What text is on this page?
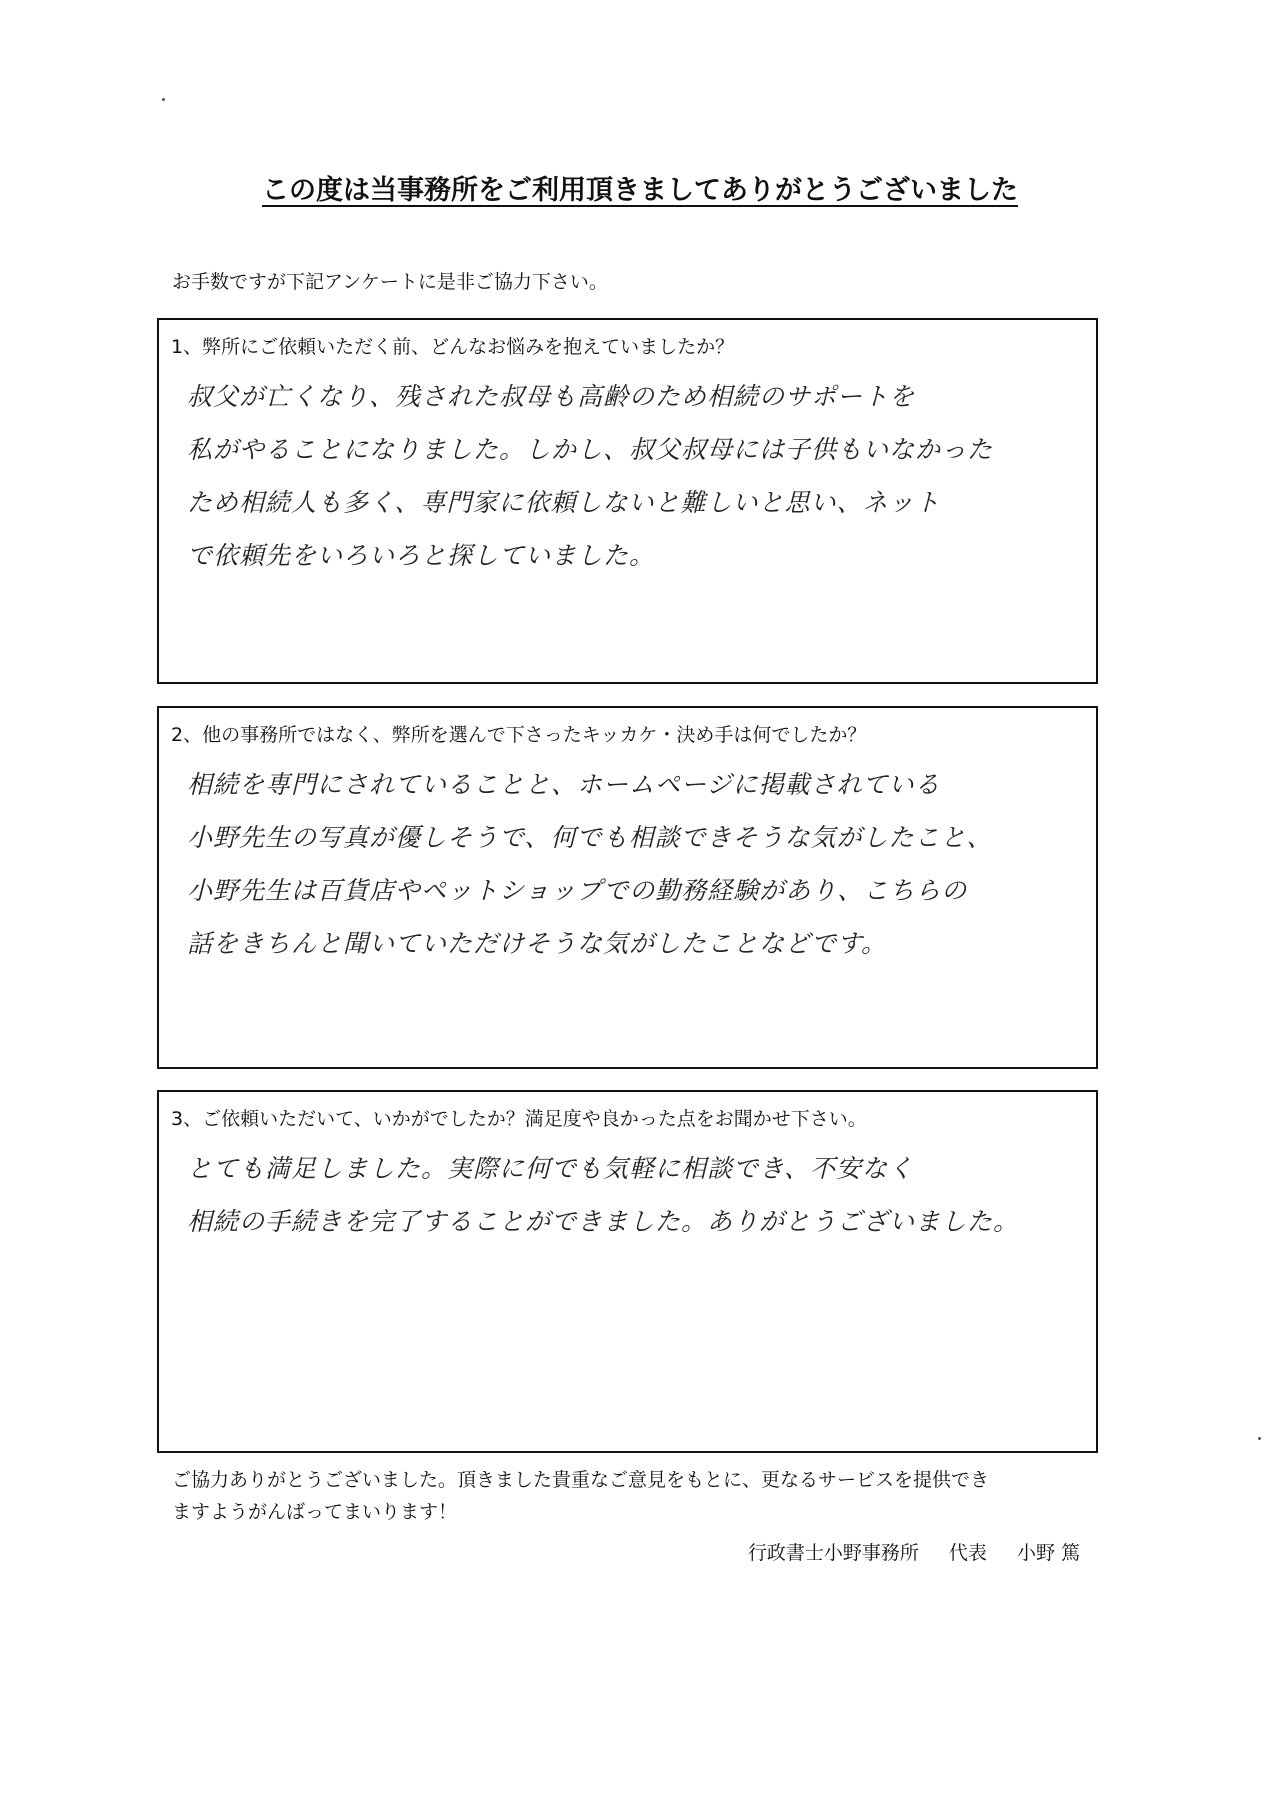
この度は当事務所をご利用頂きましてありがとうございました
お手数ですが下記アンケートに是非ご協力下さい。
1、弊所にご依頼いただく前、どんなお悩みを抱えていましたか？
叔父が亡くなり、残された叔母も高齢のため相続のサポートを
私がやることになりました。しかし、叔父叔母には子供もいなかった
ため相続人も多く、専門家に依頼しないと難しいと思い、ネット
で依頼先をいろいろと探していました。
2、他の事務所ではなく、弊所を選んで下さったキッカケ・決め手は何でしたか？
相続を専門にされていることと、ホームページに掲載されている
小野先生の写真が優しそうで、何でも相談できそうな気がしたこと、
小野先生は百貨店やペットショップでの勤務経験があり、こちらの
話をきちんと聞いていただけそうな気がしたことなどです。
3、ご依頼いただいて、いかがでしたか？満足度や良かった点をお聞かせ下さい。
とても満足しました。実際に何でも気軽に相談でき、不安なく
相続の手続きを完了することができました。ありがとうございました。
ご協力ありがとうございました。頂きました貴重なご意見をもとに、更なるサービスを提供でき
ますようがんばってまいります！
行政書士小野事務所 代表 小野 篤
